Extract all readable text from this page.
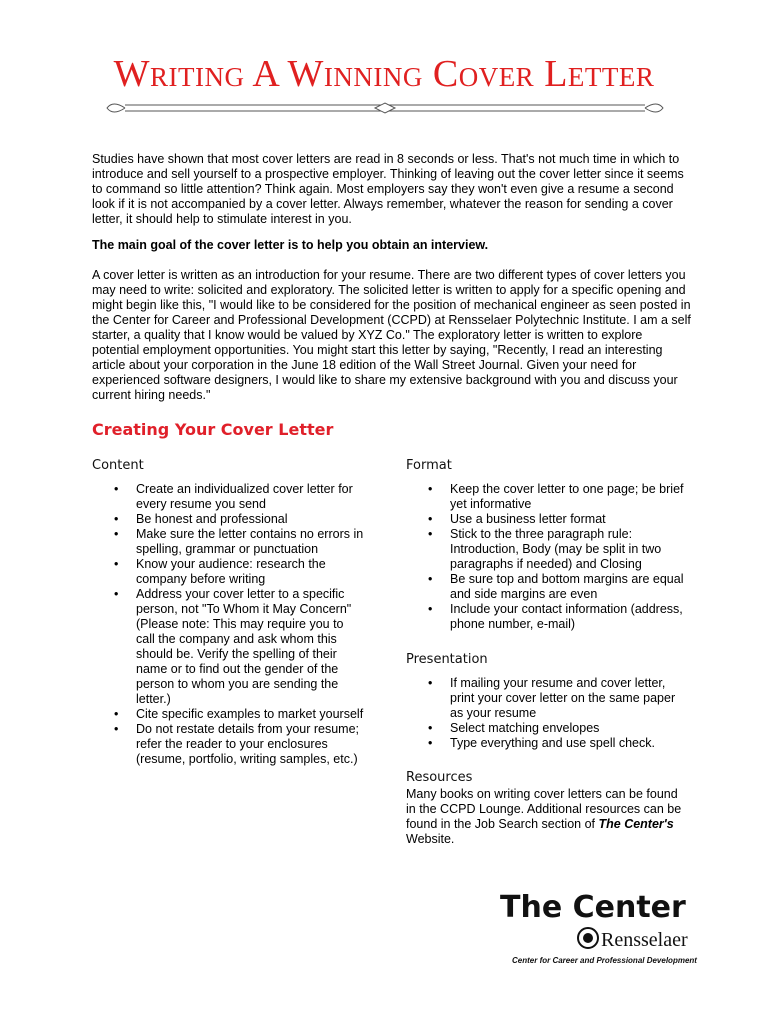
Writing A Winning Cover Letter
Studies have shown that most cover letters are read in 8 seconds or less. That's not much time in which to introduce and sell yourself to a prospective employer. Thinking of leaving out the cover letter since it seems to command so little attention? Think again. Most employers say they won't even give a resume a second look if it is not accompanied by a cover letter. Always remember, whatever the reason for sending a cover letter, it should help to stimulate interest in you.
The main goal of the cover letter is to help you obtain an interview.
A cover letter is written as an introduction for your resume. There are two different types of cover letters you may need to write: solicited and exploratory. The solicited letter is written to apply for a specific opening and might begin like this, "I would like to be considered for the position of mechanical engineer as seen posted in the Center for Career and Professional Development (CCPD) at Rensselaer Polytechnic Institute. I am a self starter, a quality that I know would be valued by XYZ Co." The exploratory letter is written to explore potential employment opportunities. You might start this letter by saying, "Recently, I read an interesting article about your corporation in the June 18 edition of the Wall Street Journal. Given your need for experienced software designers, I would like to share my extensive background with you and discuss your current hiring needs."
Creating Your Cover Letter
Content
• Create an individualized cover letter for every resume you send
• Be honest and professional
• Make sure the letter contains no errors in spelling, grammar or punctuation
• Know your audience: research the company before writing
• Address your cover letter to a specific person, not "To Whom it May Concern" (Please note: This may require you to call the company and ask whom this should be. Verify the spelling of their name or to find out the gender of the person to whom you are sending the letter.)
• Cite specific examples to market yourself
• Do not restate details from your resume; refer the reader to your enclosures (resume, portfolio, writing samples, etc.)
Format
• Keep the cover letter to one page; be brief yet informative
• Use a business letter format
• Stick to the three paragraph rule: Introduction, Body (may be split in two paragraphs if needed) and Closing
• Be sure top and bottom margins are equal and side margins are even
• Include your contact information (address, phone number, e-mail)
Presentation
• If mailing your resume and cover letter, print your cover letter on the same paper as your resume
• Select matching envelopes
• Type everything and use spell check.
Resources
Many books on writing cover letters can be found in the CCPD Lounge. Additional resources can be found in the Job Search section of The Center's Website.
The Center
Rensselaer
Center for Career and Professional Development
